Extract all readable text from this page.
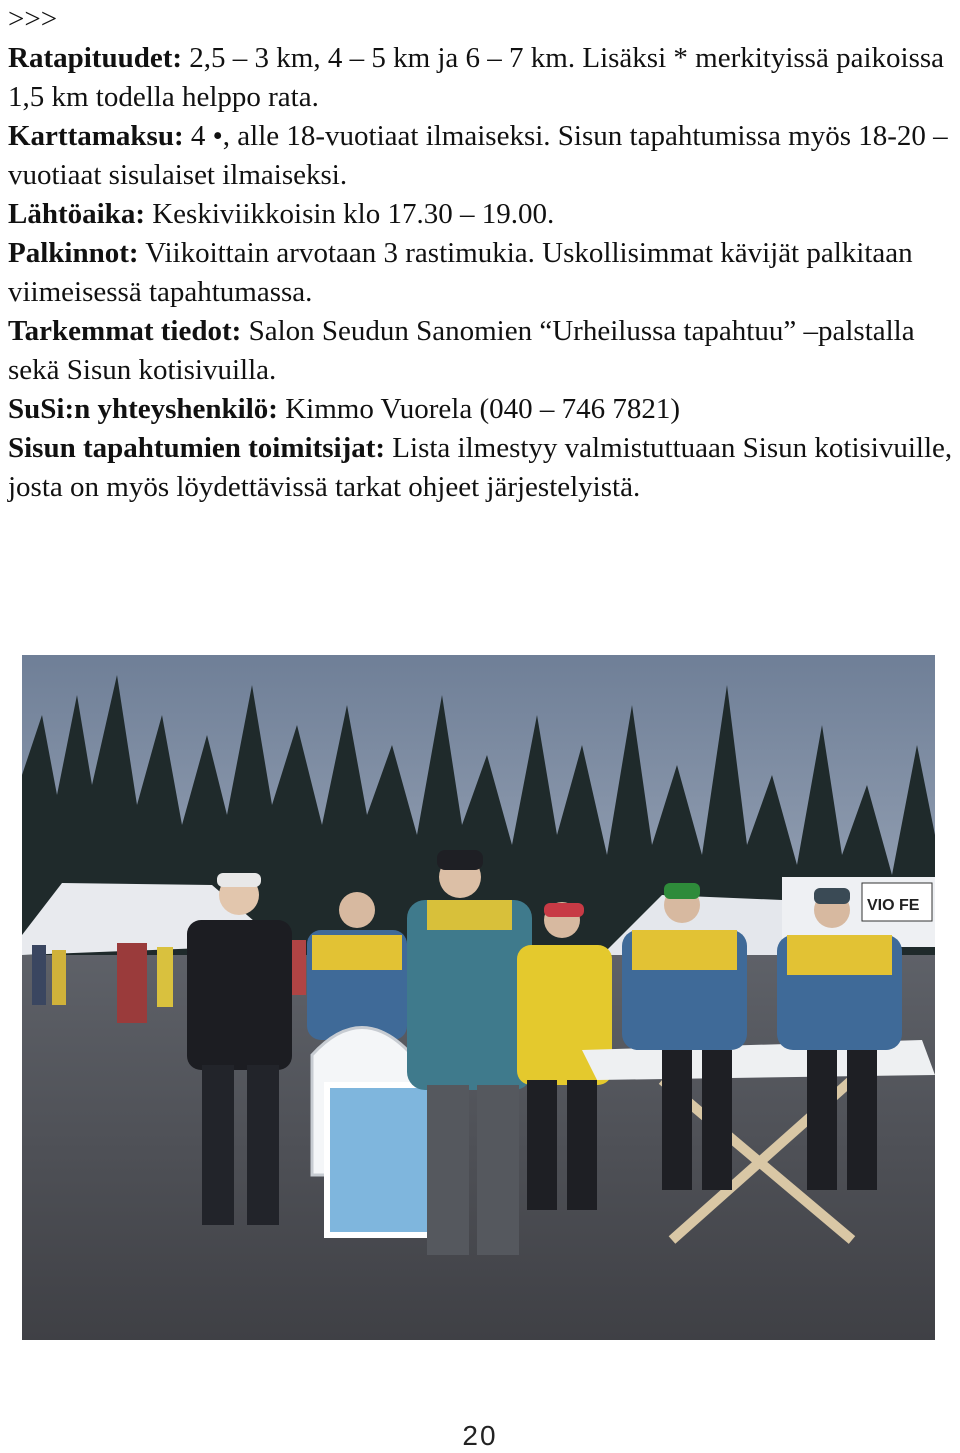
>>>

Ratapituudet: 2,5 – 3 km, 4 – 5 km ja 6 – 7 km. Lisäksi * merkityissä paikoissa 1,5 km todella helppo rata.

Karttamaksu: 4 •, alle 18-vuotiaat ilmaiseksi. Sisun tapahtumissa myös 18-20 –vuotiaat sisulaiset ilmaiseksi.

Lähtöaika: Keskiviikkoisin klo 17.30 – 19.00.

Palkinnot: Viikoittain arvotaan 3 rastimukia. Uskollisimmat kävijät palkitaan viimeisessä tapahtumassa.

Tarkemmat tiedot: Salon Seudun Sanomien “Urheilussa tapahtuu” –palstalla sekä Sisun kotisivuilla.

SuSi:n yhteyshenkilö: Kimmo Vuorela (040 – 746 7821)

Sisun tapahtumien toimitsijat: Lista ilmestyy valmistuttuaan Sisun kotisivuille, josta on myös löydettävissä tarkat ohjeet järjestelyistä.

VIO FE
20
